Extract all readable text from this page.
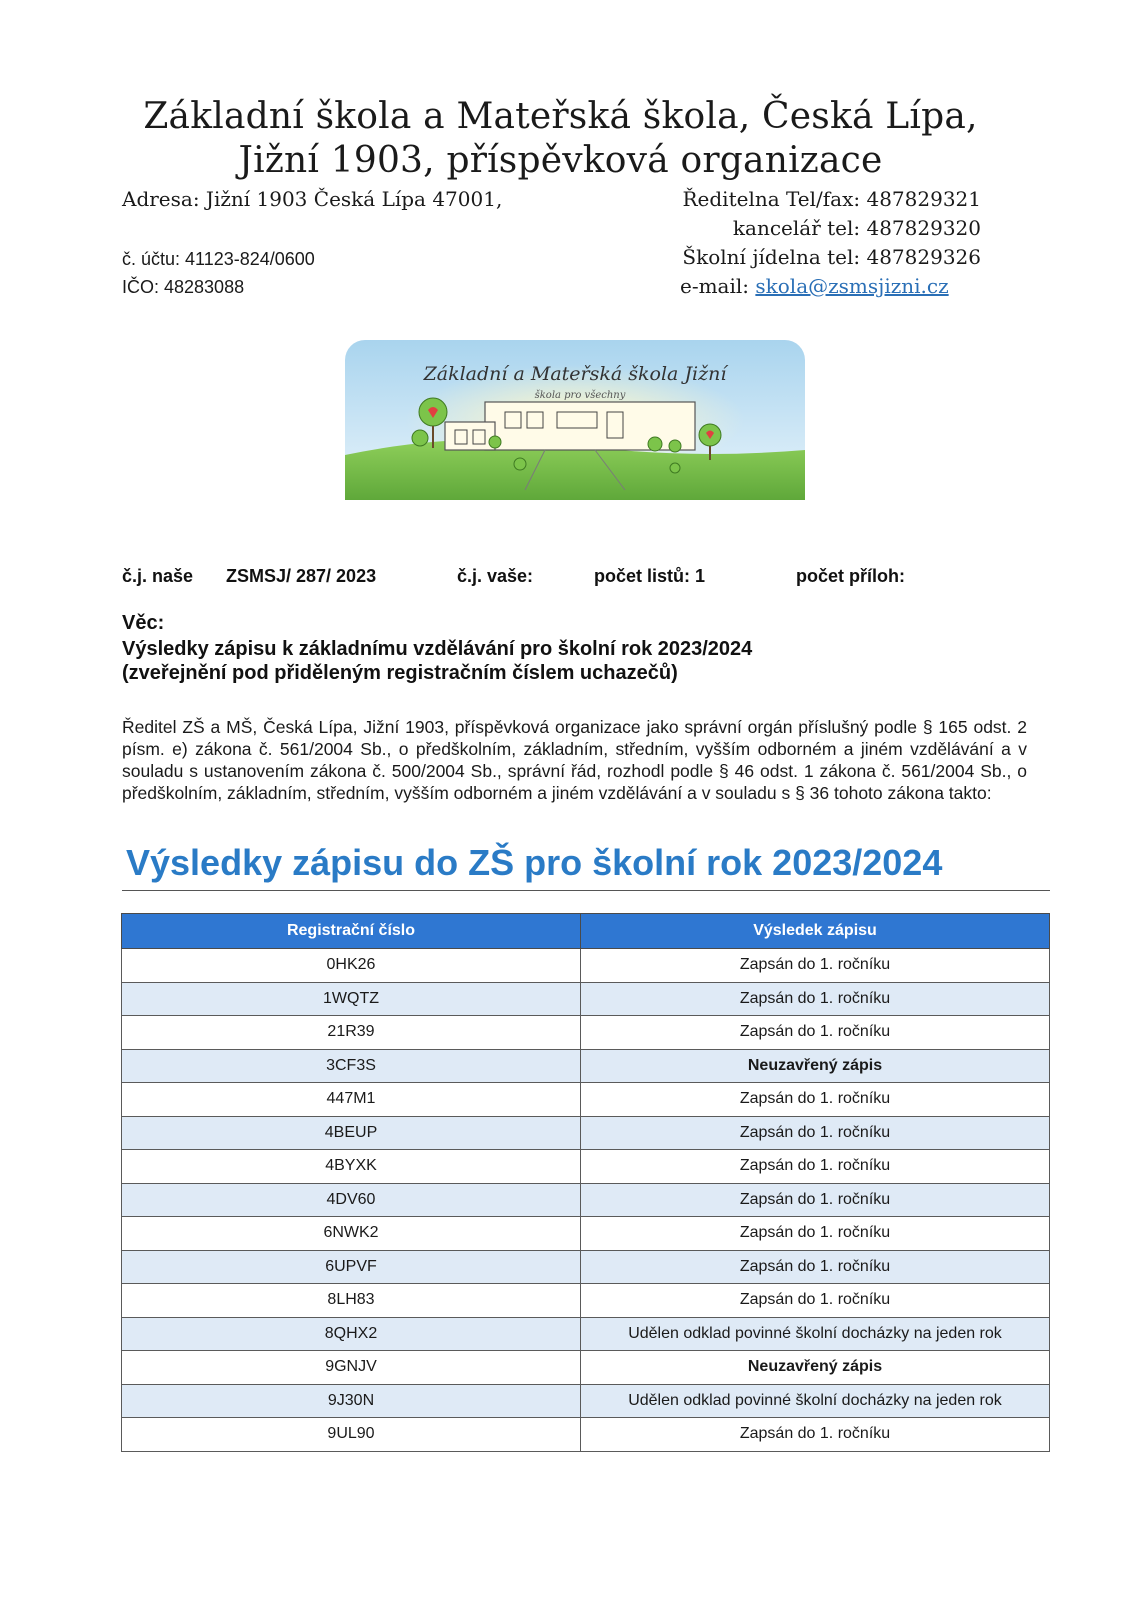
Základní škola a Mateřská škola, Česká Lípa,
Jižní 1903, příspěvková organizace
Adresa: Jižní 1903 Česká Lípa 47001,
č. účtu: 41123-824/0600
IČO: 48283088
Ředitelna Tel/fax: 487829321
kancelář tel: 487829320
Školní jídelna tel: 487829326
e-mail: skola@zsmsjizni.cz
Základní a Mateřská škola Jižní
škola pro všechny
č.j. naše ZSMSJ/ 287/ 2023	č.j. vaše:	počet listů: 1	počet příloh:
Věc:
Výsledky zápisu k základnímu vzdělávání pro školní rok 2023/2024
(zveřejnění pod přiděleným registračním číslem uchazečů)
Ředitel ZŠ a MŠ, Česká Lípa, Jižní 1903, příspěvková organizace jako správní orgán příslušný podle § 165 odst. 2 písm. e) zákona č. 561/2004 Sb., o předškolním, základním, středním, vyšším odborném a jiném vzdělávání a v souladu s ustanovením zákona č. 500/2004 Sb., správní řád, rozhodl podle § 46 odst. 1 zákona č. 561/2004 Sb., o předškolním, základním, středním, vyšším odborném a jiném vzdělávání a v souladu s § 36 tohoto zákona takto:
Výsledky zápisu do ZŠ pro školní rok 2023/2024
Registrační číslo	Výsledek zápisu
0HK26	Zapsán do 1. ročníku
1WQTZ	Zapsán do 1. ročníku
21R39	Zapsán do 1. ročníku
3CF3S	Neuzavřený zápis
447M1	Zapsán do 1. ročníku
4BEUP	Zapsán do 1. ročníku
4BYXK	Zapsán do 1. ročníku
4DV60	Zapsán do 1. ročníku
6NWK2	Zapsán do 1. ročníku
6UPVF	Zapsán do 1. ročníku
8LH83	Zapsán do 1. ročníku
8QHX2	Udělen odklad povinné školní docházky na jeden rok
9GNJV	Neuzavřený zápis
9J30N	Udělen odklad povinné školní docházky na jeden rok
9UL90	Zapsán do 1. ročníku
